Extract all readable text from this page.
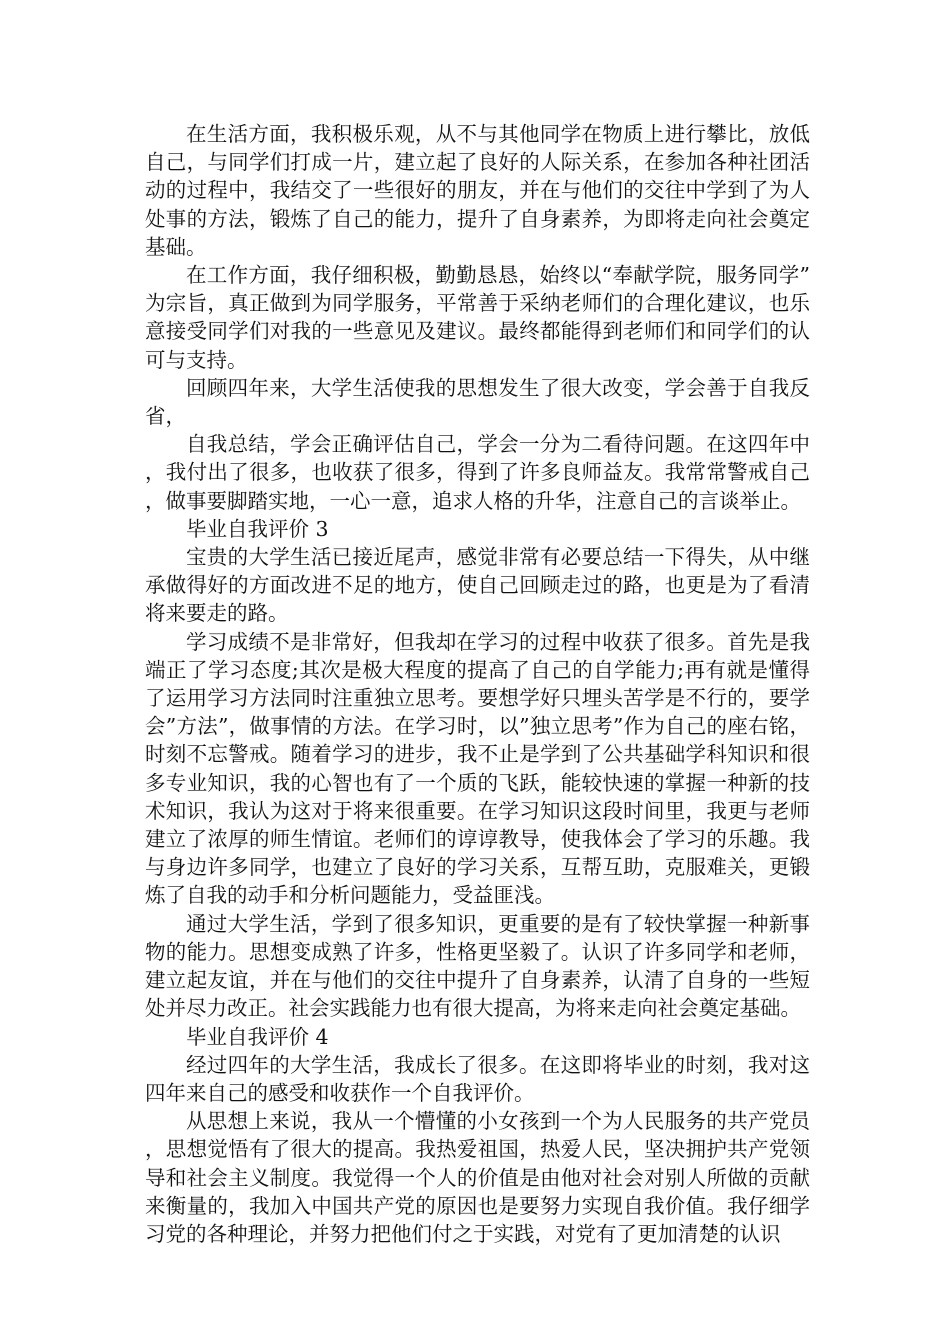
在生活方面，我积极乐观，从不与其他同学在物质上进行攀比，放低自己，与同学们打成一片，建立起了良好的人际关系，在参加各种社团活动的过程中，我结交了一些很好的朋友，并在与他们的交往中学到了为人处事的方法，锻炼了自己的能力，提升了自身素养，为即将走向社会奠定基础。

在工作方面，我仔细积极，勤勤恳恳，始终以“奉献学院，服务同学”为宗旨，真正做到为同学服务，平常善于采纳老师们的合理化建议，也乐意接受同学们对我的一些意见及建议。最终都能得到老师们和同学们的认可与支持。

回顾四年来，大学生活使我的思想发生了很大改变，学会善于自我反省，

自我总结，学会正确评估自己，学会一分为二看待问题。在这四年中，我付出了很多，也收获了很多，得到了许多良师益友。我常常警戒自己，做事要脚踏实地，一心一意，追求人格的升华，注意自己的言谈举止。

毕业自我评价 3

宝贵的大学生活已接近尾声，感觉非常有必要总结一下得失，从中继承做得好的方面改进不足的地方，使自己回顾走过的路，也更是为了看清将来要走的路。

学习成绩不是非常好，但我却在学习的过程中收获了很多。首先是我端正了学习态度;其次是极大程度的提高了自己的自学能力;再有就是懂得了运用学习方法同时注重独立思考。要想学好只埋头苦学是不行的，要学会”方法”，做事情的方法。在学习时，以”独立思考”作为自己的座右铭，时刻不忘警戒。随着学习的进步，我不止是学到了公共基础学科知识和很多专业知识，我的心智也有了一个质的飞跃，能较快速的掌握一种新的技术知识，我认为这对于将来很重要。在学习知识这段时间里，我更与老师建立了浓厚的师生情谊。老师们的谆谆教导，使我体会了学习的乐趣。我与身边许多同学，也建立了良好的学习关系，互帮互助，克服难关，更锻炼了自我的动手和分析问题能力，受益匪浅。

通过大学生活，学到了很多知识，更重要的是有了较快掌握一种新事物的能力。思想变成熟了许多，性格更坚毅了。认识了许多同学和老师，建立起友谊，并在与他们的交往中提升了自身素养，认清了自身的一些短处并尽力改正。社会实践能力也有很大提高，为将来走向社会奠定基础。

毕业自我评价 4

经过四年的大学生活，我成长了很多。在这即将毕业的时刻，我对这四年来自己的感受和收获作一个自我评价。

从思想上来说，我从一个懵懂的小女孩到一个为人民服务的共产党员，思想觉悟有了很大的提高。我热爱祖国，热爱人民，坚决拥护共产党领导和社会主义制度。我觉得一个人的价值是由他对社会对别人所做的贡献来衡量的，我加入中国共产党的原因也是要努力实现自我价值。我仔细学习党的各种理论，并努力把他们付之于实践，对党有了更加清楚的认识
